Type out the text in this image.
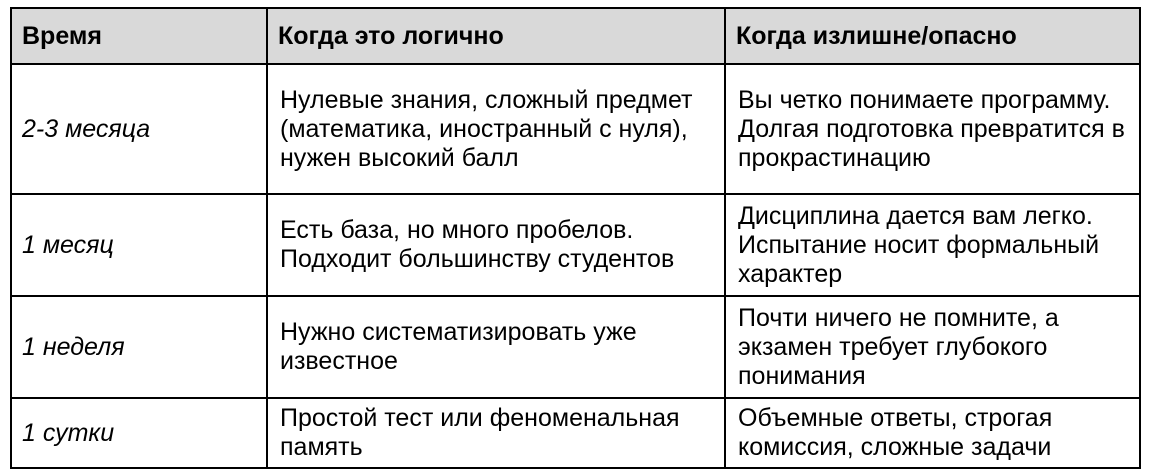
Время	Когда это логично	Когда излишне/опасно
2-3 месяца	Нулевые знания, сложный предмет (математика, иностранный с нуля), нужен высокий балл	Вы четко понимаете программу. Долгая подготовка превратится в прокрастинацию
1 месяц	Есть база, но много пробелов. Подходит большинству студентов	Дисциплина дается вам легко. Испытание носит формальный характер
1 неделя	Нужно систематизировать уже известное	Почти ничего не помните, а экзамен требует глубокого понимания
1 сутки	Простой тест или феноменальная память	Объемные ответы, строгая комиссия, сложные задачи
